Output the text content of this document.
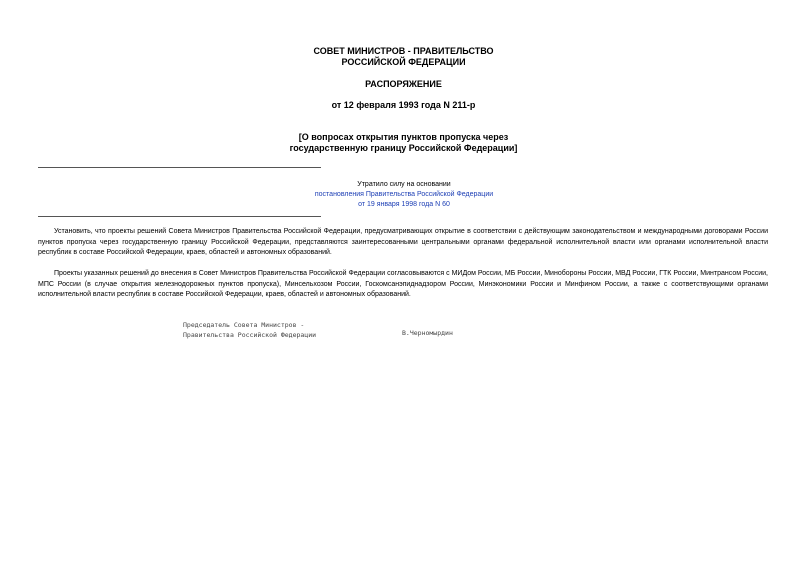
СОВЕТ МИНИСТРОВ - ПРАВИТЕЛЬСТВО
РОССИЙСКОЙ ФЕДЕРАЦИИ
РАСПОРЯЖЕНИЕ
от 12 февраля 1993 года N 211-р
[О вопросах открытия пунктов пропуска через
государственную границу Российской Федерации]
Утратило силу на основании
постановления Правительства Российской Федерации
от 19 января 1998 года N 60

Установить, что проекты решений Совета Министров Правительства Российской Федерации, предусматривающих открытие в соответствии с действующим законодательством и международными договорами России пунктов пропуска через государственную границу Российской Федерации, представляются заинтересованными центральными органами федеральной исполнительной власти или органами исполнительной власти республик в составе Российской Федерации, краев, областей и автономных образований.

Проекты указанных решений до внесения в Совет Министров Правительства Российской Федерации согласовываются с МИДом России, МБ России, Минобороны России, МВД России, ГТК России, Минтрансом России, МПС России (в случае открытия железнодорожных пунктов пропуска), Минсельхозом России, Госкомсанэпиднадзором России, Минэкономики России и Минфином России, а также с соответствующими органами исполнительной власти республик в составе Российской Федерации, краев, областей и автономных образований.

Председатель Совета Министров -
Правительства Российской Федерации	В.Черномырдин
